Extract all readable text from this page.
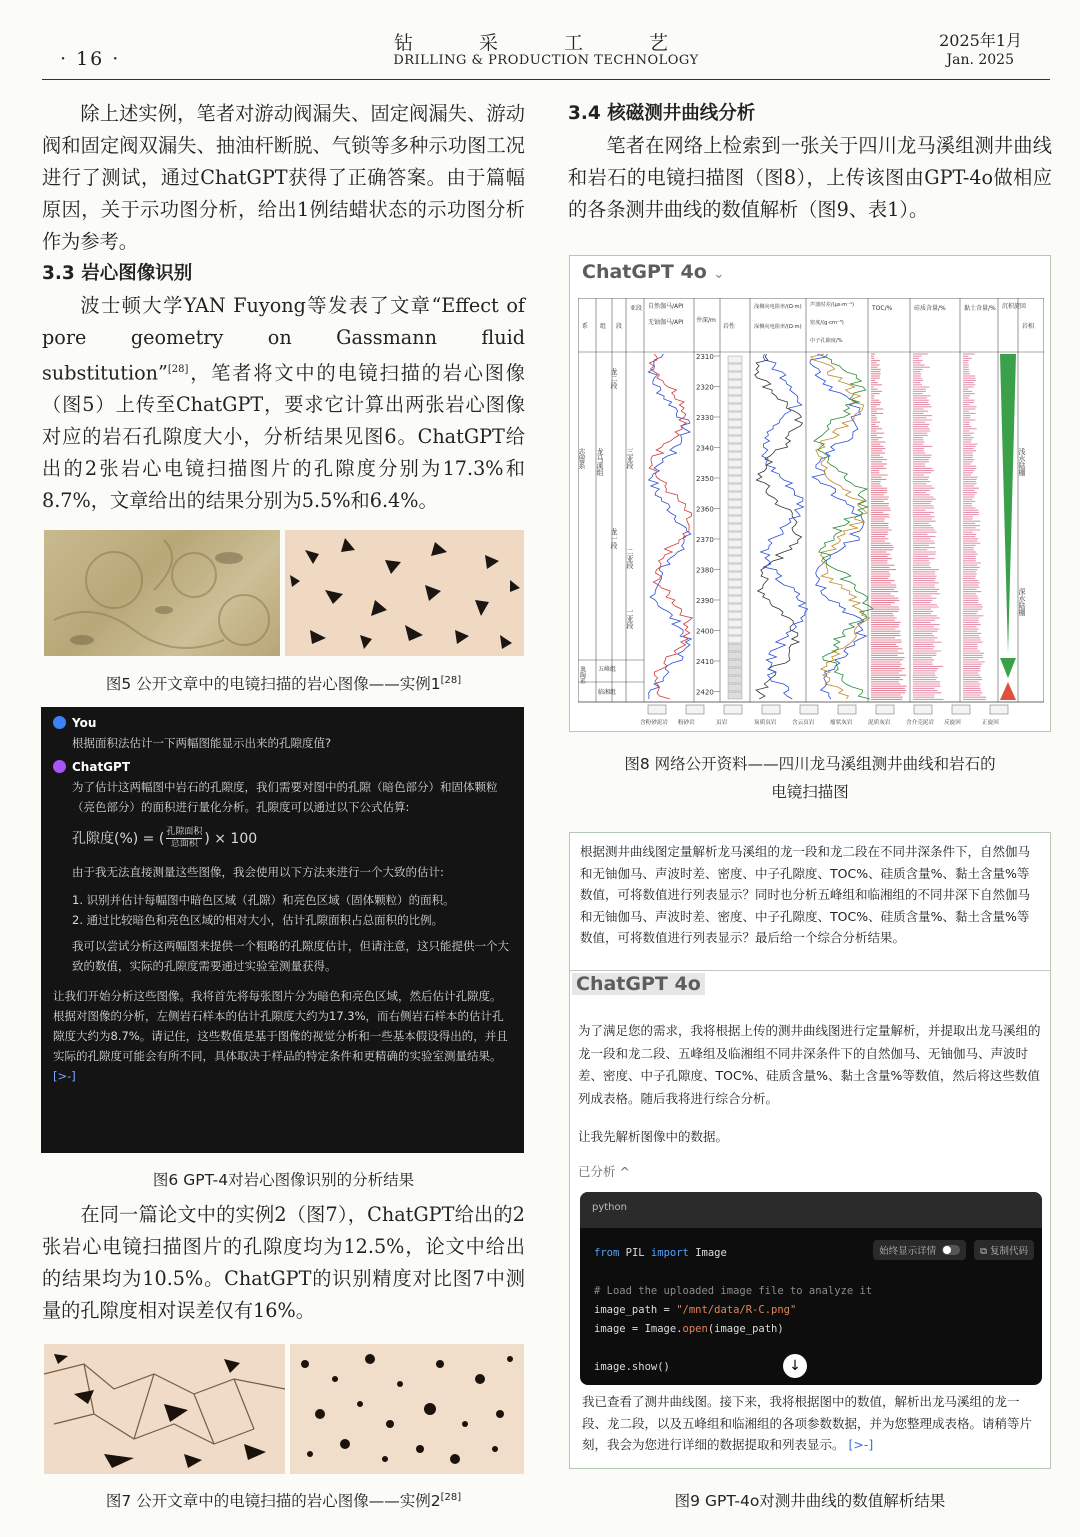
· 16 ·
钻 采 工 艺
DRILLING & PRODUCTION TECHNOLOGY
2025年1月
Jan. 2025

除上述实例，笔者对游动阀漏失、固定阀漏失、游动阀和固定阀双漏失、抽油杆断脱、气锁等多种示功图工况进行了测试，通过ChatGPT获得了正确答案。由于篇幅原因，关于示功图分析，给出1例结蜡状态的示功图分析作为参考。

3.3 岩心图像识别

波士顿大学YAN Fuyong等发表了文章“Effect of pore geometry on Gassmann fluid substitution”[28]，笔者将文中的电镜扫描的岩心图像（图5）上传至ChatGPT，要求它计算出两张岩心图像对应的岩石孔隙度大小，分析结果见图6。ChatGPT给出的2张岩心电镜扫描图片的孔隙度分别为17.3%和8.7%，文章给出的结果分别为5.5%和6.4%。

图5 公开文章中的电镜扫描的岩心图像——实例1[28]
You
根据面积法估计一下两幅图能显示出来的孔隙度值?
ChatGPT
为了估计这两幅图中岩石的孔隙度，我们需要对图中的孔隙（暗色部分）和固体颗粒（亮色部分）的面积进行量化分析。孔隙度可以通过以下公式估算:
孔隙度(%) = ( 孔隙面积
总面积 ) × 100
由于我无法直接测量这些图像，我会使用以下方法来进行一个大致的估计:
1. 识别并估计每幅图中暗色区域（孔隙）和亮色区域（固体颗粒）的面积。
2. 通过比较暗色和亮色区域的相对大小，估计孔隙面积占总面积的比例。
我可以尝试分析这两幅图来提供一个粗略的孔隙度估计，但请注意，这只能提供一个大致的数值，实际的孔隙度需要通过实验室测量获得。
让我们开始分析这些图像。我将首先将每张图片分为暗色和亮色区域，然后估计孔隙度。
根据对图像的分析，左侧岩石样本的估计孔隙度大约为17.3%，而右侧岩石样本的估计孔隙度大约为8.7%。请记住，这些数值是基于图像的视觉分析和一些基本假设得出的，并且实际的孔隙度可能会有所不同，具体取决于样品的特定条件和更精确的实验室测量结果。 [>-]
图6 GPT-4对岩心图像识别的分析结果

在同一篇论文中的实例2（图7），ChatGPT给出的2张岩心电镜扫描图片的孔隙度均为12.5%，论文中给出的结果均为10.5%。ChatGPT的识别精度对比图7中测量的孔隙度相对误差仅有16%。

图7 公开文章中的电镜扫描的岩心图像——实例2[28]

3.4 核磁测井曲线分析

笔者在网络上检索到一张关于四川龙马溪组测井曲线和岩石的电镜扫描图（图8），上传该图由GPT-4o做相应的各条测井曲线的数值解析（图9、表1）。

ChatGPT 4o ⌄
系 组 段
亚段 自然伽马/API
无铀伽马/API 井深/m
岩性
浅侧向电阻率/(Ω·m)
深侧向电阻率/(Ω·m)
声波时差/(μs·m⁻¹)
密度/(g·cm⁻³)
中子孔隙度/%
TOC/%	硅质含量/%	黏土含量/% 沉积旋回
岩相
2310
2320
2330
2340
2350
2360
2370
2380
2390
2400
2410
2420
志留系 龙马溪组
龙二段
龙一段
三亚段
二亚段
一亚段
五峰组
临湘组
奥陶系
浅水陆棚
深水陆棚
含粉砂泥岩 粉砂岩	页岩	炭质页岩	含云页岩	瘤状灰岩	泥质灰岩	含介壳泥岩 反旋回	正旋回
图8 网络公开资料——四川龙马溪组测井曲线和岩石的
电镜扫描图
根据测井曲线图定量解析龙马溪组的龙一段和龙二段在不同井深条件下，自然伽马和无铀伽马、声波时差、密度、中子孔隙度、TOC%、硅质含量%、黏土含量%等数值，可将数值进行列表显示？同时也分析五峰组和临湘组的不同井深下自然伽马和无铀伽马、声波时差、密度、中子孔隙度、TOC%、硅质含量%、黏土含量%等数值，可将数值进行列表显示？最后给一个综合分析结果。
ChatGPT 4o
为了满足您的需求，我将根据上传的测井曲线图进行定量解析，并提取出龙马溪组的龙一段和龙二段、五峰组及临湘组不同井深条件下的自然伽马、无铀伽马、声波时差、密度、中子孔隙度、TOC%、硅质含量%、黏土含量%等数值，然后将这些数值列成表格。随后我将进行综合分析。
让我先解析图像中的数据。
已分析 ^
python
始终显示详情	⧉ 复制代码
from PIL import Image
# Load the uploaded image file to analyze it
image_path = "/mnt/data/R-C.png"
image = Image.open(image_path)
image.show()	↓
我已查看了测井曲线图。接下来，我将根据图中的数值，解析出龙马溪组的龙一段、龙二段，以及五峰组和临湘组的各项参数数据，并为您整理成表格。请稍等片刻，我会为您进行详细的数据提取和列表显示。 [>-]
图9 GPT-4o对测井曲线的数值解析结果
